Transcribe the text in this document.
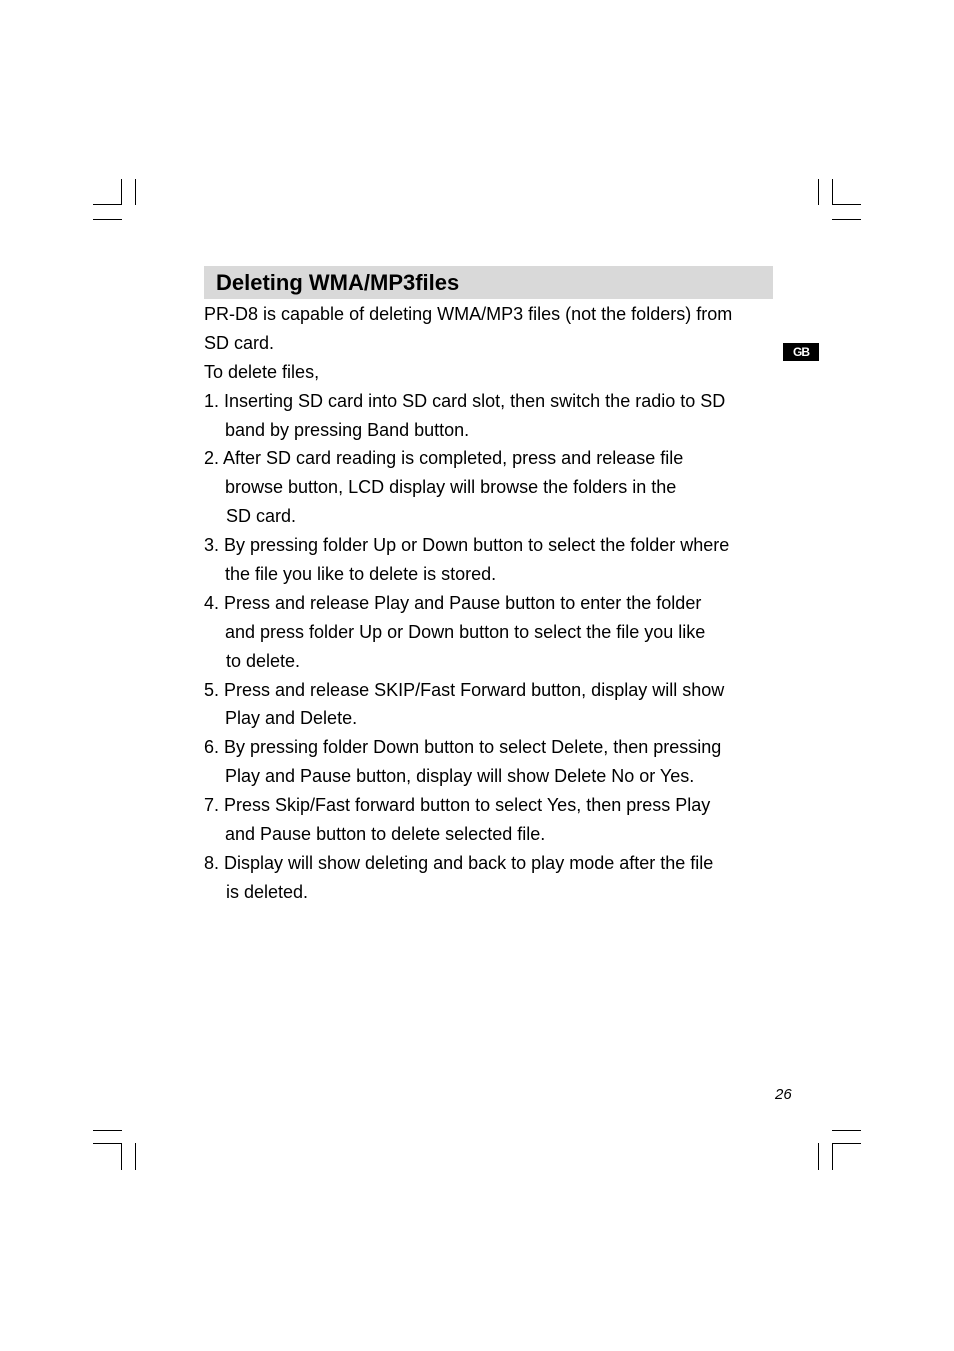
Deleting WMA/MP3files
GB
PR-D8 is capable of deleting WMA/MP3 files (not the folders) from
SD card.
To delete files,
1. Inserting SD card into SD card slot, then switch the radio to SD
band by pressing Band button.
2. After SD card reading is completed, press and release file
browse button, LCD display will browse the folders in the
SD card.
3. By pressing folder Up or Down button to select the folder where
the file you like to delete is stored.
4. Press and release Play and Pause button to enter the folder
and press folder Up or Down button to select the file you like
to delete.
5. Press and release SKIP/Fast Forward button, display will show
Play and Delete.
6. By pressing folder Down button to select Delete, then pressing
Play and Pause button, display will show Delete No or Yes.
7. Press Skip/Fast forward button to select Yes, then press Play
and Pause button to delete selected file.
8. Display will show deleting and back to play mode after the file
is deleted.
26
